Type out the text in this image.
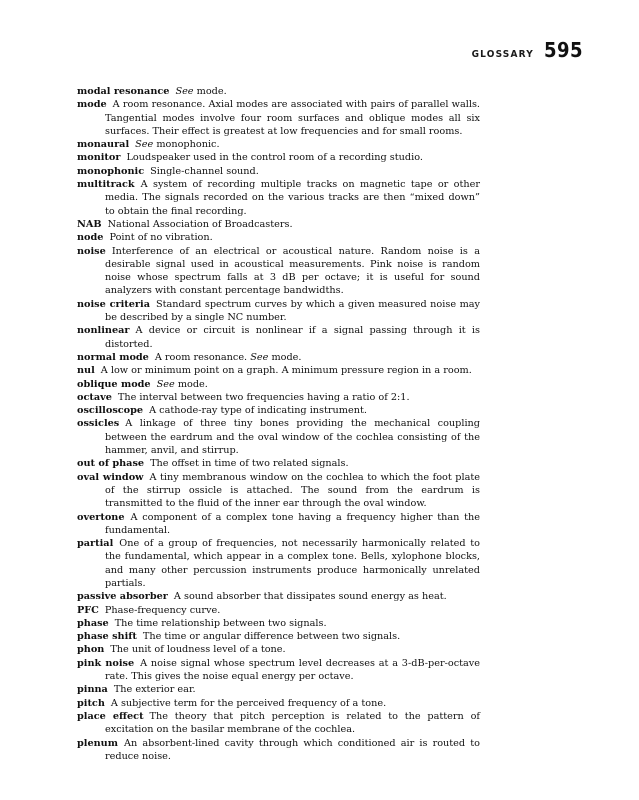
GLOSSARY 595

modal resonance See mode.

mode A room resonance. Axial modes are associated with pairs of parallel walls. Tangential modes involve four room surfaces and oblique modes all six surfaces. Their effect is greatest at low frequencies and for small rooms.

monaural See monophonic.

monitor Loudspeaker used in the control room of a recording studio.

monophonic Single-channel sound.

multitrack A system of recording multiple tracks on magnetic tape or other media. The signals recorded on the various tracks are then “mixed down” to obtain the final recording.

NAB National Association of Broadcasters.

node Point of no vibration.

noise Interference of an electrical or acoustical nature. Random noise is a desirable signal used in acoustical measurements. Pink noise is random noise whose spectrum falls at 3 dB per octave; it is useful for sound analyzers with constant percentage bandwidths.

noise criteria Standard spectrum curves by which a given measured noise may be described by a single NC number.

nonlinear A device or circuit is nonlinear if a signal passing through it is distorted.

normal mode A room resonance. See mode.

nul A low or minimum point on a graph. A minimum pressure region in a room.

oblique mode See mode.

octave The interval between two frequencies having a ratio of 2:1.

oscilloscope A cathode-ray type of indicating instrument.

ossicles A linkage of three tiny bones providing the mechanical coupling between the eardrum and the oval window of the cochlea consisting of the hammer, anvil, and stirrup.

out of phase The offset in time of two related signals.

oval window A tiny membranous window on the cochlea to which the foot plate of the stirrup ossicle is attached. The sound from the eardrum is transmitted to the fluid of the inner ear through the oval window.

overtone A component of a complex tone having a frequency higher than the fundamental.

partial One of a group of frequencies, not necessarily harmonically related to the fundamental, which appear in a complex tone. Bells, xylophone blocks, and many other percussion instruments produce harmonically unrelated partials.

passive absorber A sound absorber that dissipates sound energy as heat.

PFC Phase-frequency curve.

phase The time relationship between two signals.

phase shift The time or angular difference between two signals.

phon The unit of loudness level of a tone.

pink noise A noise signal whose spectrum level decreases at a 3-dB-per-octave rate. This gives the noise equal energy per octave.

pinna The exterior ear.

pitch A subjective term for the perceived frequency of a tone.

place effect The theory that pitch perception is related to the pattern of excitation on the basilar membrane of the cochlea.

plenum An absorbent-lined cavity through which conditioned air is routed to reduce noise.
